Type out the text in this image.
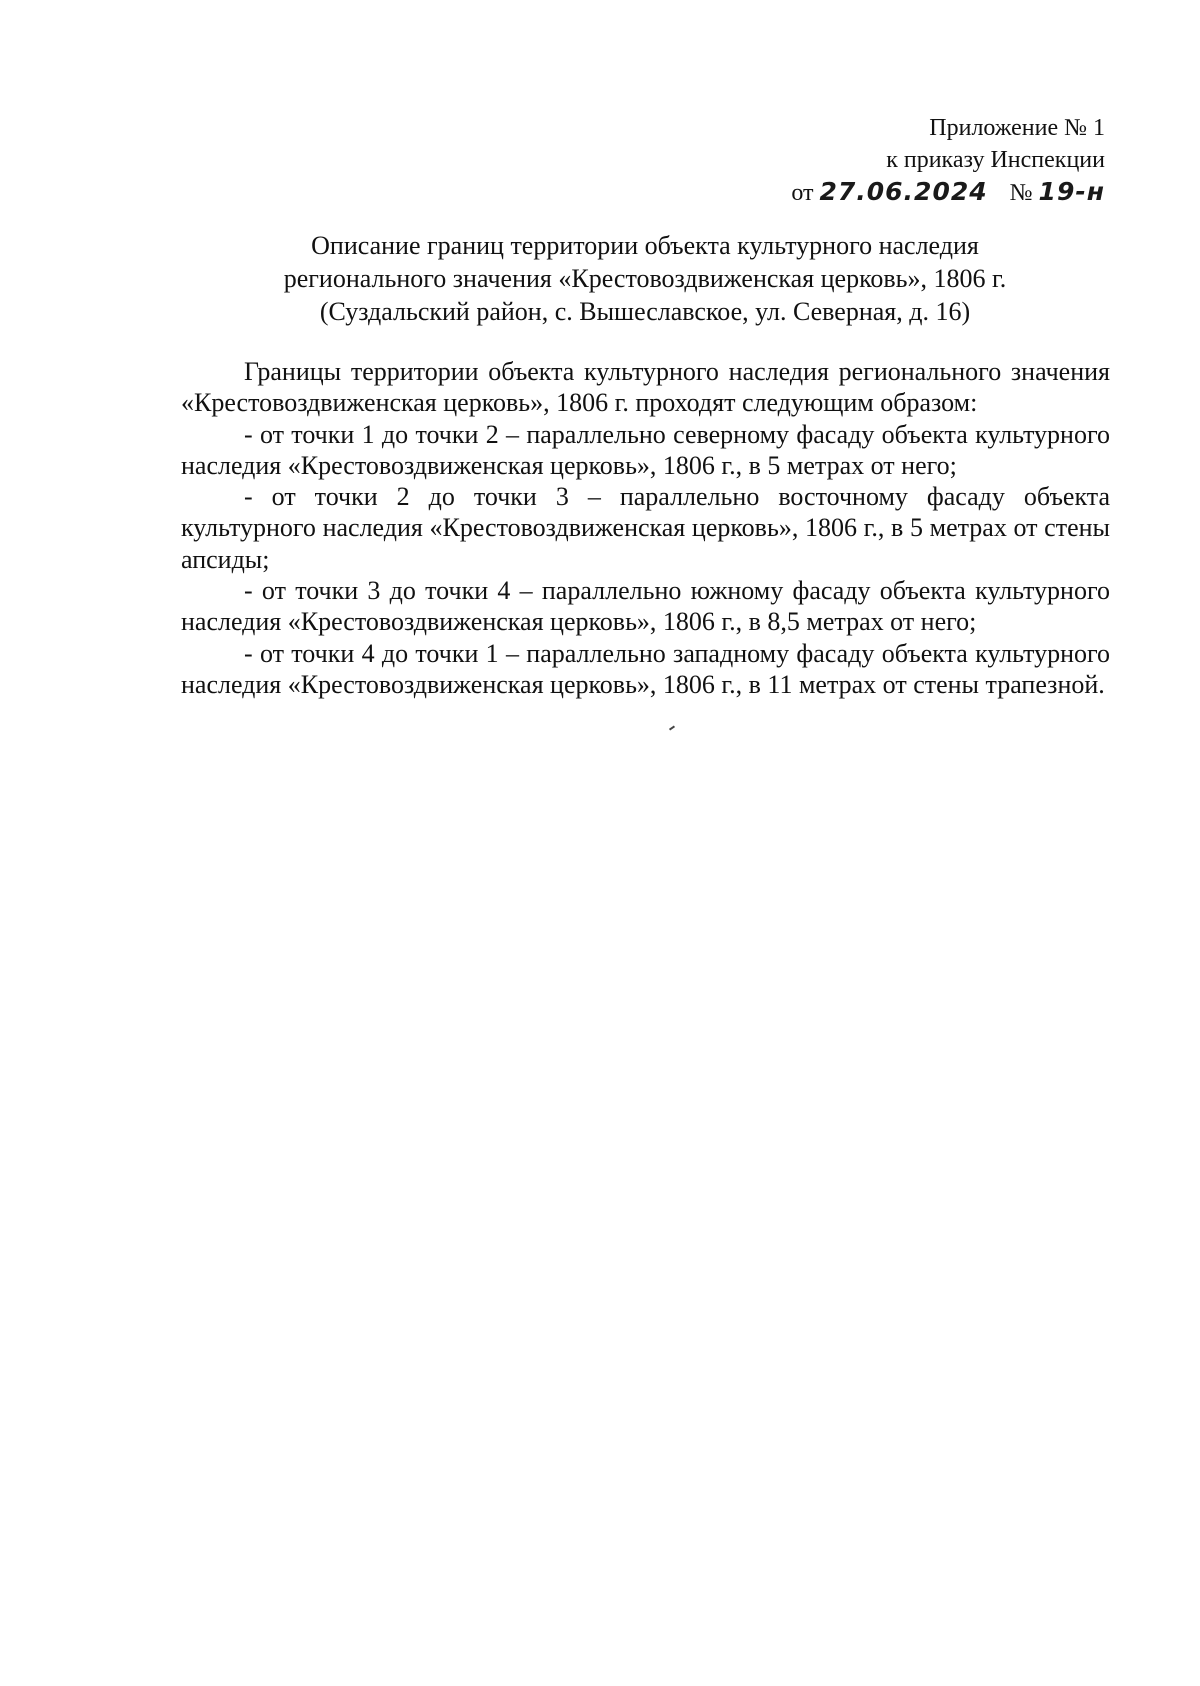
Приложение № 1
к приказу Инспекции
от 27.06.2024 № 19-н
Описание границ территории объекта культурного наследия
регионального значения «Крестовоздвиженская церковь», 1806 г.
(Суздальский район, с. Вышеславское, ул. Северная, д. 16)

Границы территории объекта культурного наследия регионального значения «Крестовоздвиженская церковь», 1806 г. проходят следующим образом:

- от точки 1 до точки 2 – параллельно северному фасаду объекта культурного наследия «Крестовоздвиженская церковь», 1806 г., в 5 метрах от него;

- от точки 2 до точки 3 – параллельно восточному фасаду объекта культурного наследия «Крестовоздвиженская церковь», 1806 г., в 5 метрах от стены апсиды;

- от точки 3 до точки 4 – параллельно южному фасаду объекта культурного наследия «Крестовоздвиженская церковь», 1806 г., в 8,5 метрах от него;

- от точки 4 до точки 1 – параллельно западному фасаду объекта культурного наследия «Крестовоздвиженская церковь», 1806 г., в 11 метрах от стены трапезной.
